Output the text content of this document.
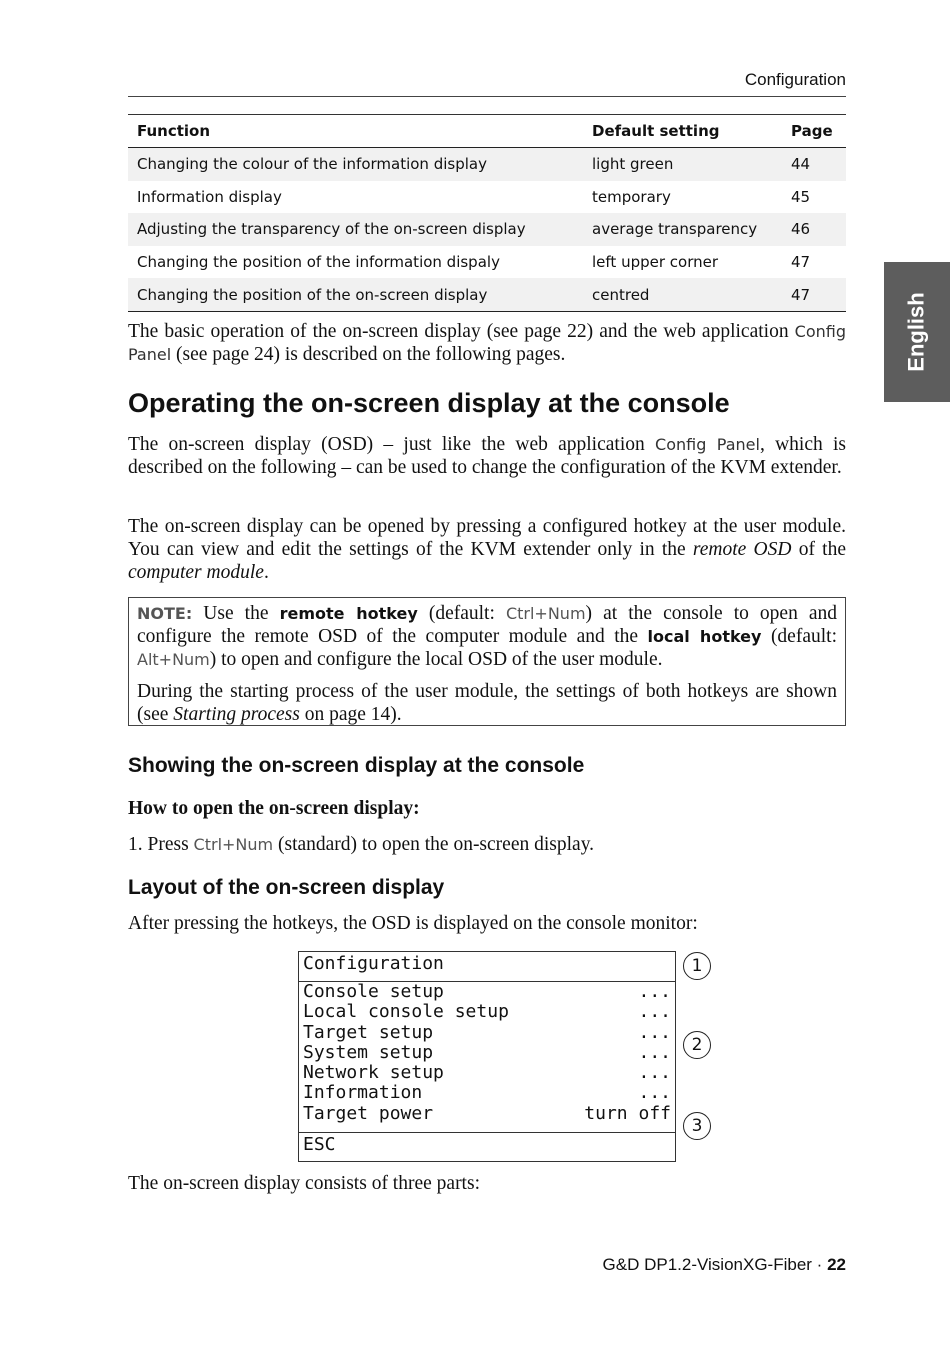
Configuration
English
Function	Default setting	Page
Changing the colour of the information display	light green	44
Information display	temporary	45
Adjusting the transparency of the on-screen display	average transparency	46
Changing the position of the information dispaly	left upper corner	47
Changing the position of the on-screen display	centred	47

The basic operation of the on-screen display (see page 22) and the web application Config Panel (see page 24) is described on the following pages.

Operating the on-screen display at the console

The on-screen display (OSD) – just like the web application Config Panel, which is described on the following – can be used to change the configuration of the KVM extender.

The on-screen display can be opened by pressing a configured hotkey at the user module. You can view and edit the settings of the KVM extender only in the remote OSD of the computer module.

NOTE: Use the remote hotkey (default: Ctrl+Num) at the console to open and configure the remote OSD of the computer module and the local hotkey (default: Alt+Num) to open and configure the local OSD of the user module.

During the starting process of the user module, the settings of both hotkeys are shown (see Starting process on page 14).

Showing the on-screen display at the console

How to open the on-screen display:

1. Press Ctrl+Num (standard) to open the on-screen display.

Layout of the on-screen display

After pressing the hotkeys, the OSD is displayed on the console monitor:

Configuration
Console setup	...
Local console setup	...
Target setup	...
System setup	...
Network setup	...
Information	...
Target power	turn off
ESC
1
2
3

The on-screen display consists of three parts:

G&D DP1.2-VisionXG-Fiber · 22
